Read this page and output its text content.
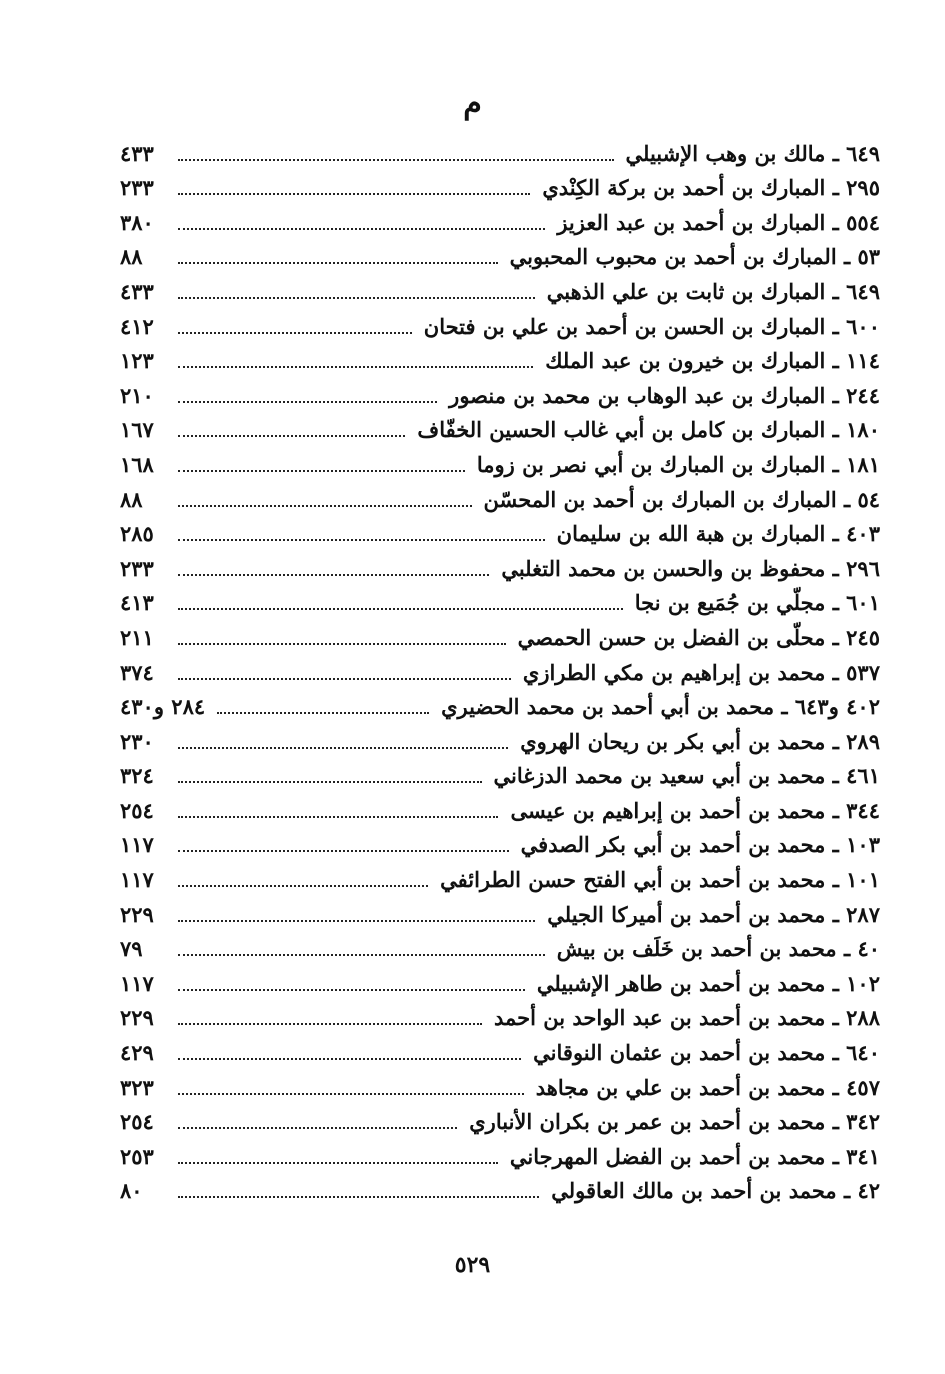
م
٦٤٩ ـ مالك بن وهب الإشبيلي
٤٣٣
٢٩٥ ـ المبارك بن أحمد بن بركة الكِنْدي
٢٣٣
٥٥٤ ـ المبارك بن أحمد بن عبد العزيز
٣٨٠
٥٣ ـ المبارك بن أحمد بن محبوب المحبوبي
٨٨
٦٤٩ ـ المبارك بن ثابت بن علي الذهبي
٤٣٣
٦٠٠ ـ المبارك بن الحسن بن أحمد بن علي بن فتحان
٤١٢
١١٤ ـ المبارك بن خيرون بن عبد الملك
١٢٣
٢٤٤ ـ المبارك بن عبد الوهاب بن محمد بن منصور
٢١٠
١٨٠ ـ المبارك بن كامل بن أبي غالب الحسين الخفّاف
١٦٧
١٨١ ـ المبارك بن المبارك بن أبي نصر بن زوما
١٦٨
٥٤ ـ المبارك بن المبارك بن أحمد بن المحسّن
٨٨
٤٠٣ ـ المبارك بن هبة الله بن سليمان
٢٨٥
٢٩٦ ـ محفوظ بن والحسن بن محمد التغلبي
٢٣٣
٦٠١ ـ مجلّي بن جُمَيع بن نجا
٤١٣
٢٤٥ ـ محلّى بن الفضل بن حسن الحمصي
٢١١
٥٣٧ ـ محمد بن إبراهيم بن مكي الطرازي
٣٧٤
٤٠٢ و٦٤٣ ـ محمد بن أبي أحمد بن محمد الحضيري
٢٨٤ و٤٣٠
٢٨٩ ـ محمد بن أبي بكر بن ريحان الهروي
٢٣٠
٤٦١ ـ محمد بن أبي سعيد بن محمد الدزغاني
٣٢٤
٣٤٤ ـ محمد بن أحمد بن إبراهيم بن عيسى
٢٥٤
١٠٣ ـ محمد بن أحمد بن أبي بكر الصدفي
١١٧
١٠١ ـ محمد بن أحمد بن أبي الفتح حسن الطرائفي
١١٧
٢٨٧ ـ محمد بن أحمد بن أميركا الجيلي
٢٢٩
٤٠ ـ محمد بن أحمد بن خَلَف بن بيش
٧٩
١٠٢ ـ محمد بن أحمد بن طاهر الإشبيلي
١١٧
٢٨٨ ـ محمد بن أحمد بن عبد الواحد بن أحمد
٢٢٩
٦٤٠ ـ محمد بن أحمد بن عثمان النوقاني
٤٢٩
٤٥٧ ـ محمد بن أحمد بن علي بن مجاهد
٣٢٣
٣٤٢ ـ محمد بن أحمد بن عمر بن بكران الأنباري
٢٥٤
٣٤١ ـ محمد بن أحمد بن الفضل المهرجاني
٢٥٣
٤٢ ـ محمد بن أحمد بن مالك العاقولي
٨٠
٥٢٩
